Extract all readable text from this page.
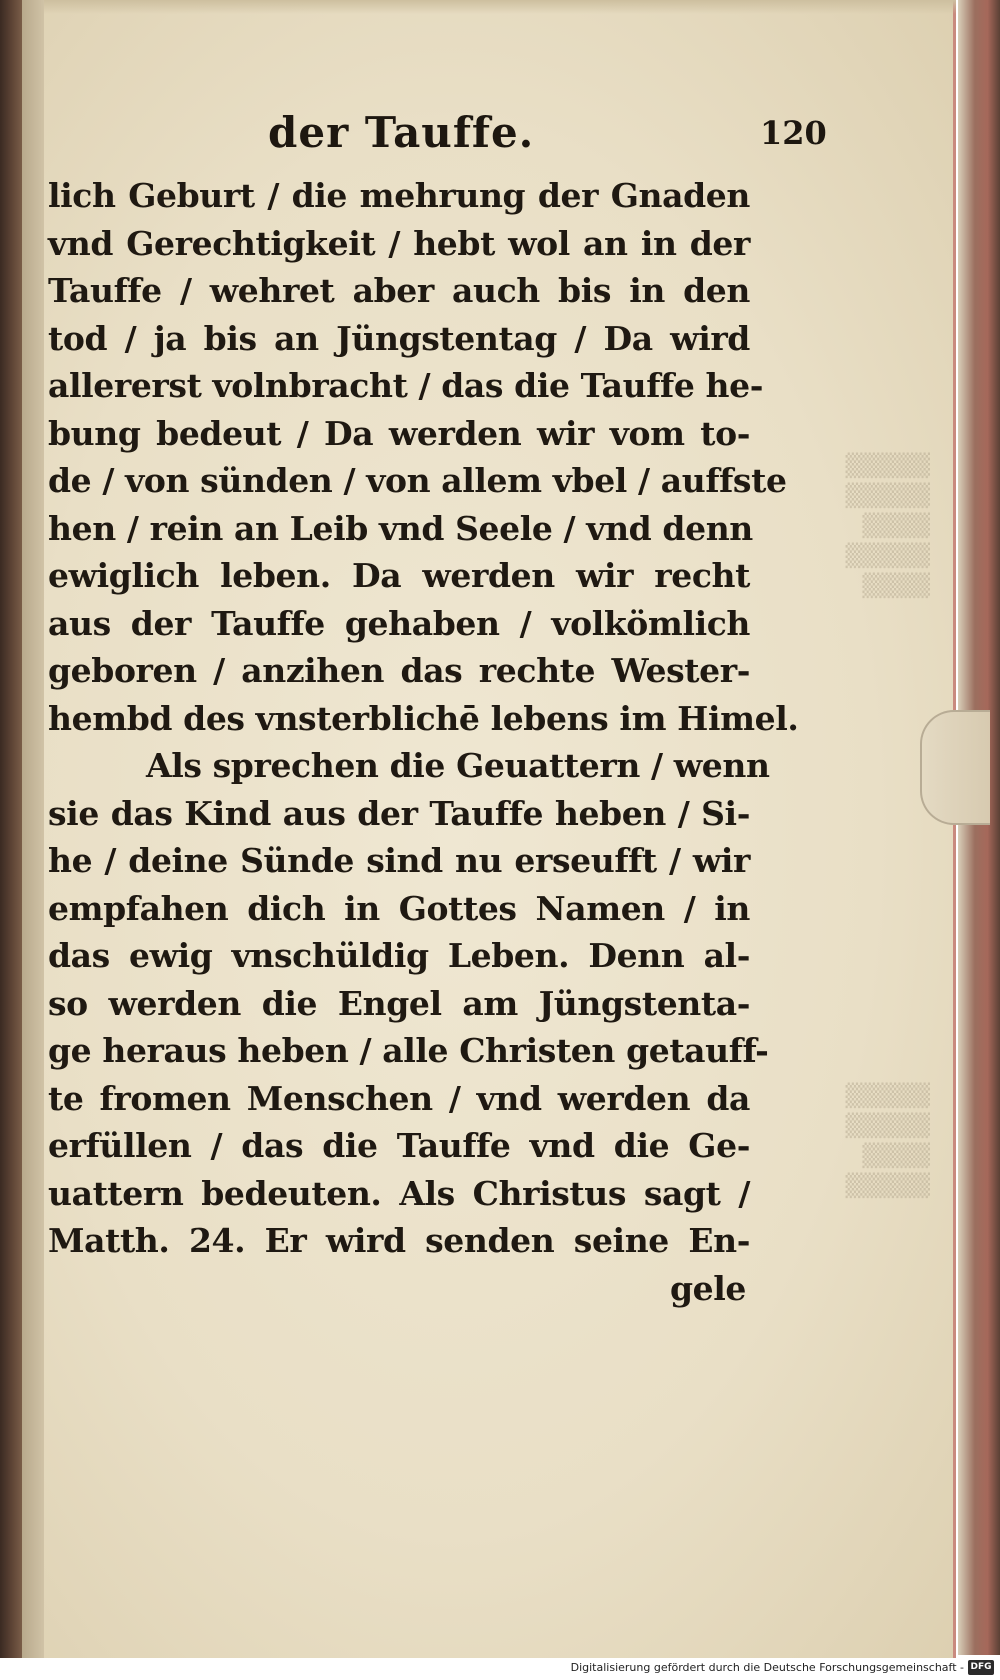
▒▒▒▒▒
▒▒▒▒▒
▒▒▒▒
▒▒▒▒▒
▒▒▒▒
▒▒▒▒▒
▒▒▒▒▒
▒▒▒▒
▒▒▒▒▒
der Tauffe.	120
lich Geburt / die mehrung der Gnaden
vnd Gerechtigkeit / hebt wol an in der
Tauffe / wehret aber auch bis in den
tod / ja bis an Jüngstentag / Da wird
allererst volnbracht / das die Tauffe he-
bung bedeut / Da werden wir vom to-
de / von sünden / von allem vbel / auffste
hen / rein an Leib vnd Seele / vnd denn
ewiglich leben. Da werden wir recht
aus der Tauffe gehaben / volkömlich
geboren / anzihen das rechte Wester-
hembd des vnsterblichē lebens im Himel.
Als sprechen die Geuattern / wenn
sie das Kind aus der Tauffe heben / Si-
he / deine Sünde sind nu erseufft / wir
empfahen dich in Gottes Namen / in
das ewig vnschüldig Leben. Denn al-
so werden die Engel am Jüngstenta-
ge heraus heben / alle Christen getauff-
te fromen Menschen / vnd werden da
erfüllen / das die Tauffe vnd die Ge-
uattern bedeuten. Als Christus sagt /
Matth. 24. Er wird senden seine En-
gele
Digitalisierung gefördert durch die Deutsche Forschungsgemeinschaft - DFG
